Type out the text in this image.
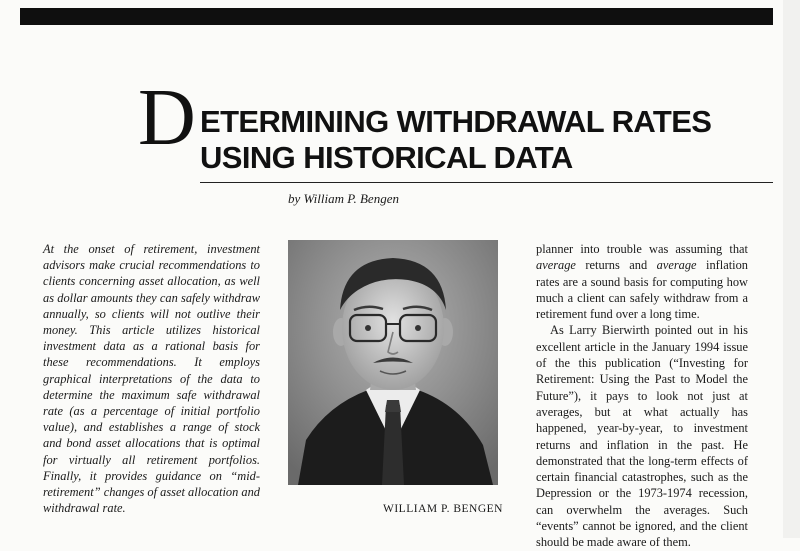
D ETERMINING WITHDRAWAL RATES
USING HISTORICAL DATA
by William P. Bengen
At the onset of retirement, investment advisors make crucial recommendations to clients concerning asset allocation, as well as dollar amounts they can safely withdraw annually, so clients will not outlive their money. This article utilizes historical investment data as a rational basis for these recommendations. It employs graphical interpretations of the data to determine the maximum safe withdrawal rate (as a percentage of initial portfolio value), and establishes a range of stock and bond asset allocations that is optimal for virtually all retirement portfolios. Finally, it provides guidance on “mid-retirement” changes of asset allocation and withdrawal rate.	WILLIAM P. BENGEN

planner into trouble was assuming that average returns and average inflation rates are a sound basis for computing how much a client can safely withdraw from a retirement fund over a long time.

As Larry Bierwirth pointed out in his excellent article in the January 1994 issue of the this publication (“Investing for Retirement: Using the Past to Model the Future”), it pays to look not just at averages, but at what actually has happened, year-by-year, to investment returns and inflation in the past. He demonstrated that the long-term effects of certain financial catastrophes, such as the Depression or the 1973-1974 recession, can overwhelm the averages. Such “events” cannot be ignored, and the client should be made aware of them.
